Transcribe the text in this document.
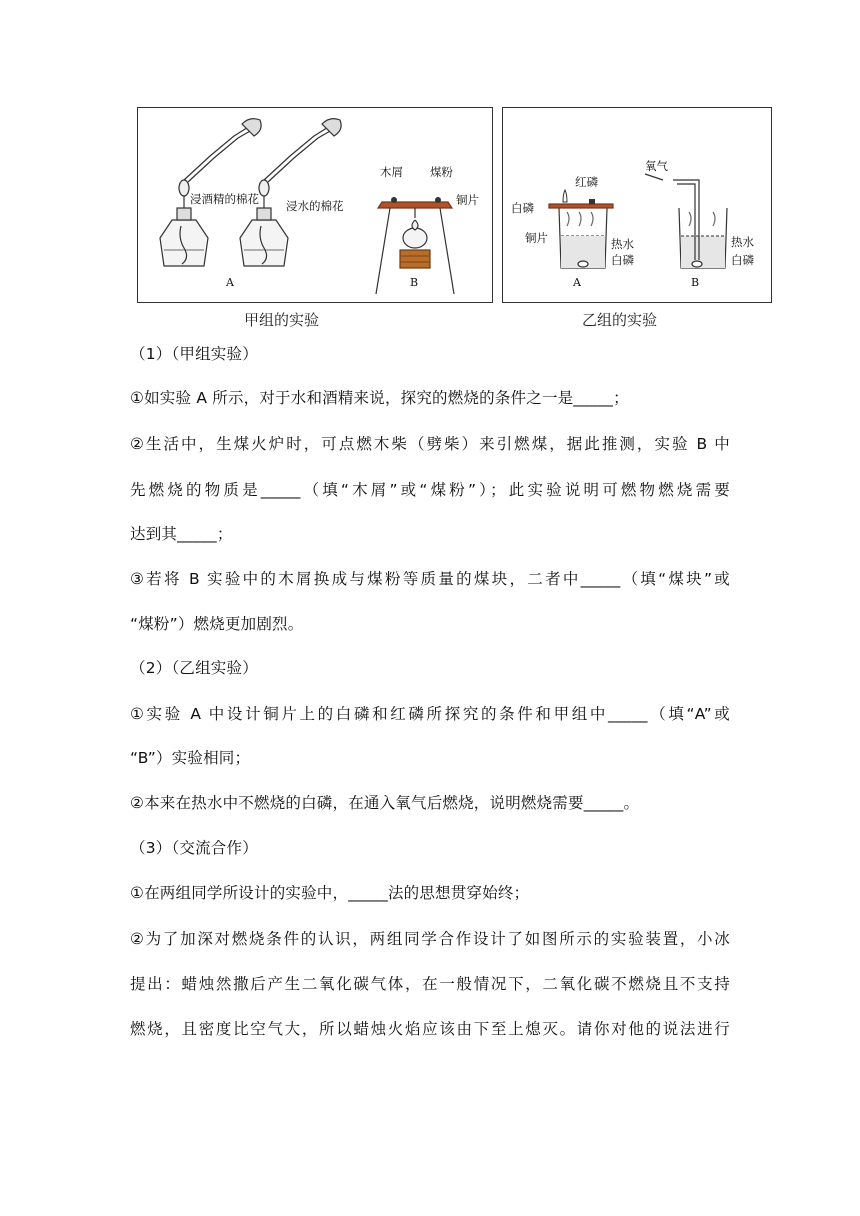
浸酒精的棉花 浸水的棉花
木屑 煤粉
铜片
A	B
甲组的实验
红磷
白磷
铜片	热水
白磷
氧气
热水
白磷
A	B
乙组的实验
（1）（甲组实验）
①如实验 A 所示，对于水和酒精来说，探究的燃烧的条件之一是_____；
②生活中，生煤火炉时，可点燃木柴（劈柴）来引燃煤，据此推测，实验 B 中
先燃烧的物质是_____（填“木屑”或“煤粉”）；此实验说明可燃物燃烧需要
达到其_____；
③若将 B 实验中的木屑换成与煤粉等质量的煤块，二者中_____（填“煤块”或
“煤粉”）燃烧更加剧烈。
（2）（乙组实验）
①实验 A 中设计铜片上的白磷和红磷所探究的条件和甲组中_____（填“A”或
“B”）实验相同；
②本来在热水中不燃烧的白磷，在通入氧气后燃烧，说明燃烧需要_____。
（3）（交流合作）
①在两组同学所设计的实验中，_____法的思想贯穿始终；
②为了加深对燃烧条件的认识，两组同学合作设计了如图所示的实验装置，小冰
提出：蜡烛然撒后产生二氧化碳气体，在一般情况下，二氧化碳不燃烧且不支持
燃烧，且密度比空气大，所以蜡烛火焰应该由下至上熄灭。请你对他的说法进行
